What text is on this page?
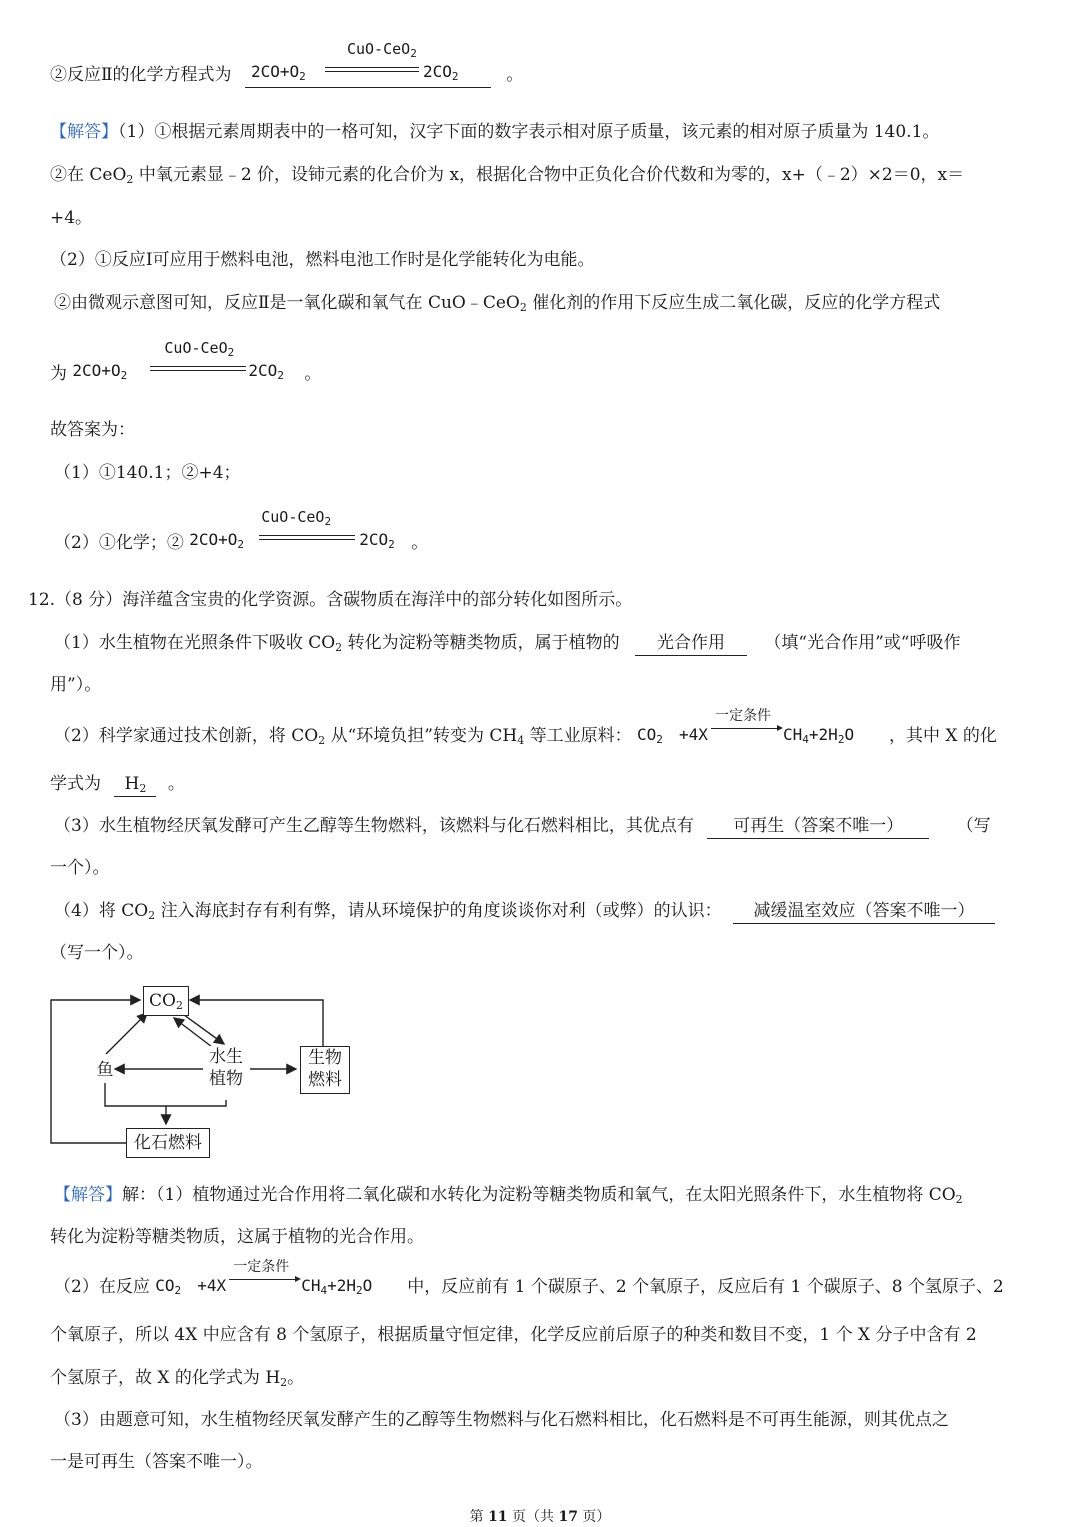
②反应Ⅱ的化学方程式为 $2CO+O_2$
CuO-CeO$_2$
$2CO_2$	。
【解答】（1）①根据元素周期表中的一格可知，汉字下面的数字表示相对原子质量，该元素的相对原子质量为 140.1。
②在 CeO$_2$ 中氧元素显﹣2 价，设铈元素的化合价为 x，根据化合物中正负化合价代数和为零的，x+（﹣2）×2＝0，x＝
+4。
（2）①反应Ⅰ可应用于燃料电池，燃料电池工作时是化学能转化为电能。
②由微观示意图可知，反应Ⅱ是一氧化碳和氧气在 CuO﹣CeO$_2$ 催化剂的作用下反应生成二氧化碳，反应的化学方程式
为 $2CO+O_2$
CuO-CeO$_2$
$2CO_2$ 。
故答案为：
（1）①140.1；②+4；
（2）①化学；② $2CO+O_2$
CuO-CeO$_2$
$2CO_2$ 。
12.（8 分）海洋蕴含宝贵的化学资源。含碳物质在海洋中的部分转化如图所示。
（1）水生植物在光照条件下吸收 $CO_2$ 转化为淀粉等糖类物质，属于植物的 光合作用 （填“光合作用”或“呼吸作
用”）。
（2）科学家通过技术创新，将 $CO_2$ 从“环境负担”转变为 $CH_4$ 等工业原料： $CO_2 +4X$
一定条件
$CH_4+2H_2O$ ，其中 X 的化
学式为 $H_2$ 。
（3）水生植物经厌氧发酵可产生乙醇等生物燃料，该燃料与化石燃料相比，其优点有 可再生（答案不唯一）	（写
一个）。
（4）将 $CO_2$ 注入海底封存有利有弊，请从环境保护的角度谈谈你对利（或弊）的认识： 减缓温室效应（答案不唯一）
（写一个）。
$CO_2$
鱼
水生
植物
生物
燃料
化石燃料
【解答】解：（1）植物通过光合作用将二氧化碳和水转化为淀粉等糖类物质和氧气，在太阳光照条件下，水生植物将 $CO_2$
转化为淀粉等糖类物质，这属于植物的光合作用。
（2）在反应 $CO_2 +4X$
一定条件
$CH_4+2H_2O$ 中，反应前有 1 个碳原子、2 个氧原子，反应后有 1 个碳原子、8 个氢原子、2
个氧原子，所以 4X 中应含有 8 个氢原子，根据质量守恒定律，化学反应前后原子的种类和数目不变，1 个 X 分子中含有 2
个氢原子，故 X 的化学式为 $H_2$。
（3）由题意可知，水生植物经厌氧发酵产生的乙醇等生物燃料与化石燃料相比，化石燃料是不可再生能源，则其优点之
一是可再生（答案不唯一）。
第 11 页（共 17 页）
